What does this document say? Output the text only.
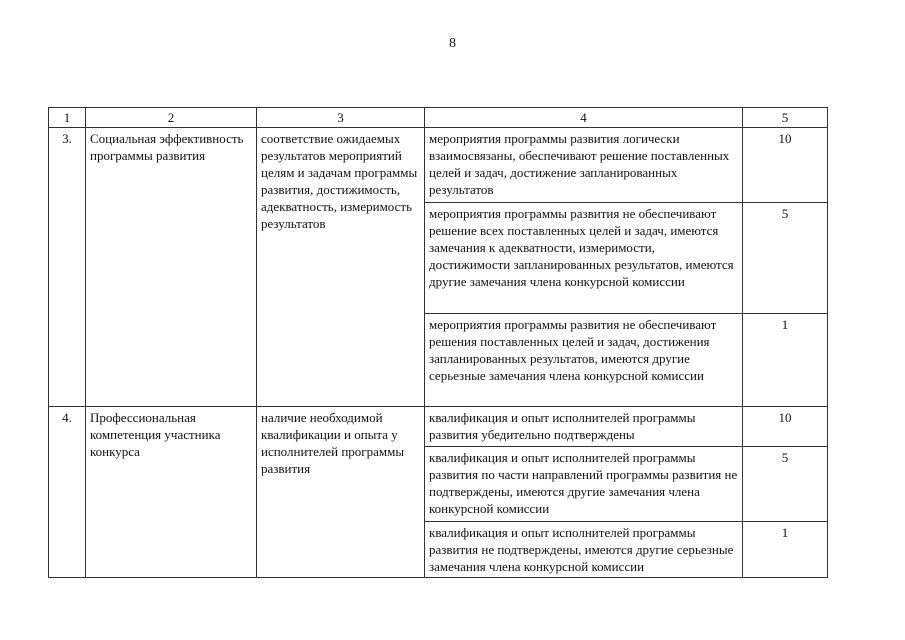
8
1	2	3	4	5
3.	Социальная эффективность программы развития	соответствие ожидаемых результатов мероприятий целям и задачам программы развития, достижимость, адекватность, измеримость результатов	мероприятия программы развития логически взаимосвязаны, обеспечивают решение поставленных целей и задач, достижение запланированных результатов	10
			мероприятия программы развития не обеспечивают решение всех поставленных целей и задач, имеются замечания к адекватности, измеримости, достижимости запланированных результатов, имеются другие замечания члена конкурсной комиссии	5
			мероприятия программы развития не обеспечивают решения поставленных целей и задач, достижения запланированных результатов, имеются другие серьезные замечания члена конкурсной комиссии	1
4.	Профессиональная компетенция участника конкурса	наличие необходимой квалификации и опыта у исполнителей программы развития	квалификация и опыт исполнителей программы развития убедительно подтверждены	10
			квалификация и опыт исполнителей программы развития по части направлений программы развития не подтверждены, имеются другие замечания члена конкурсной комиссии	5
			квалификация и опыт исполнителей программы развития не подтверждены, имеются другие серьезные замечания члена конкурсной комиссии	1
